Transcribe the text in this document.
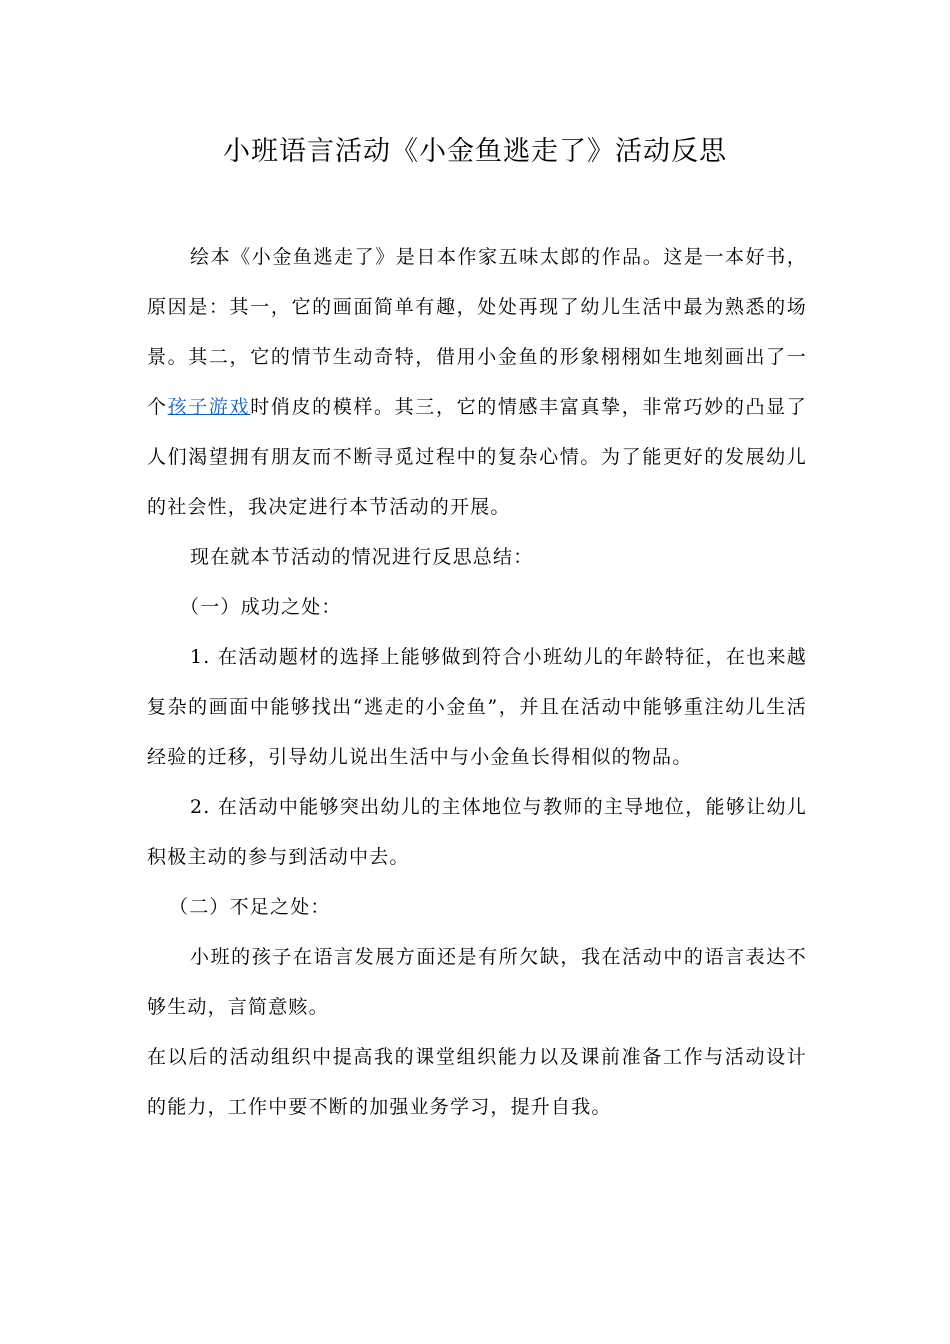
小班语言活动《小金鱼逃走了》活动反思

绘本《小金鱼逃走了》是日本作家五味太郎的作品。这是一本好书，原因是：其一，它的画面简单有趣，处处再现了幼儿生活中最为熟悉的场景。其二，它的情节生动奇特，借用小金鱼的形象栩栩如生地刻画出了一个孩子游戏时俏皮的模样。其三，它的情感丰富真挚，非常巧妙的凸显了人们渴望拥有朋友而不断寻觅过程中的复杂心情。为了能更好的发展幼儿的社会性，我决定进行本节活动的开展。

现在就本节活动的情况进行反思总结：

（一）成功之处：

1. 在活动题材的选择上能够做到符合小班幼儿的年龄特征，在也来越复杂的画面中能够找出“逃走的小金鱼”，并且在活动中能够重注幼儿生活经验的迁移，引导幼儿说出生活中与小金鱼长得相似的物品。

2. 在活动中能够突出幼儿的主体地位与教师的主导地位，能够让幼儿积极主动的参与到活动中去。

（二）不足之处：

小班的孩子在语言发展方面还是有所欠缺，我在活动中的语言表达不够生动，言简意赅。

在以后的活动组织中提高我的课堂组织能力以及课前准备工作与活动设计的能力，工作中要不断的加强业务学习，提升自我。
